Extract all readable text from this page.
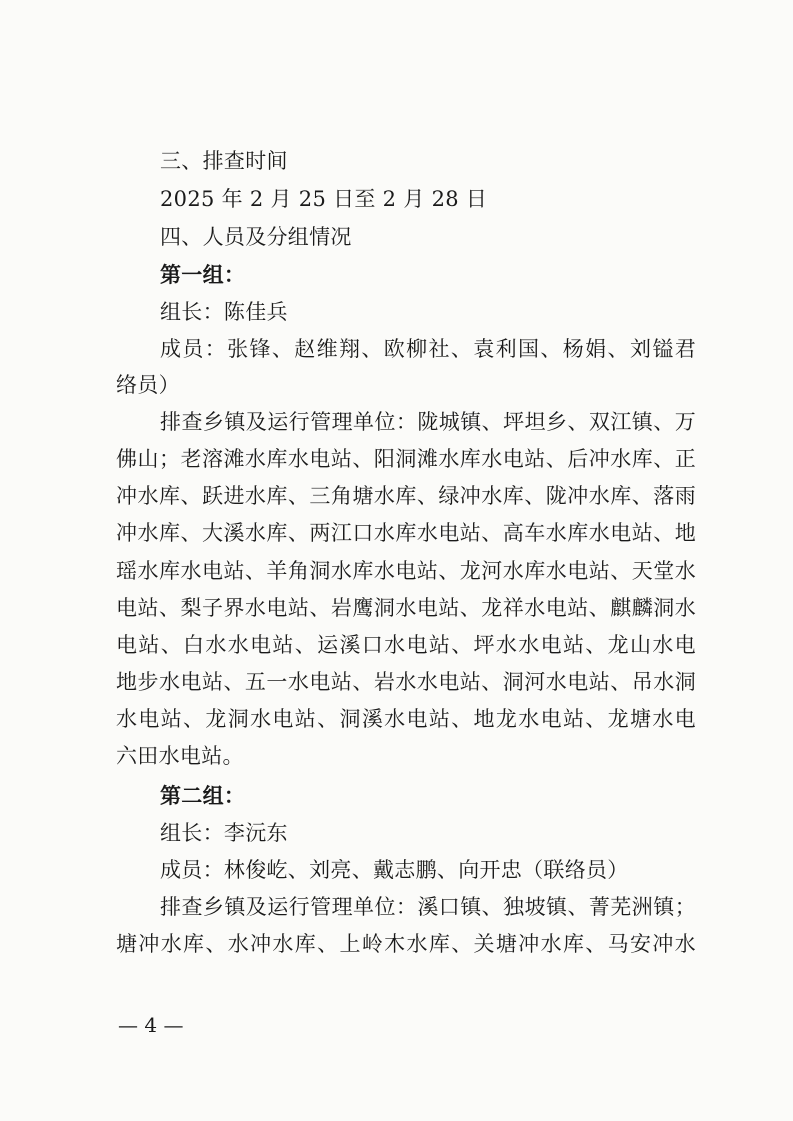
三、排查时间
2025 年 2 月 25 日至 2 月 28 日
四、人员及分组情况
第一组：
组长：陈佳兵
成员：张锋、赵维翔、欧柳社、袁利国、杨娟、刘镒君
络员）
排查乡镇及运行管理单位：陇城镇、坪坦乡、双江镇、万
佛山；老溶滩水库水电站、阳洞滩水库水电站、后冲水库、正
冲水库、跃进水库、三角塘水库、绿冲水库、陇冲水库、落雨
冲水库、大溪水库、两江口水库水电站、高车水库水电站、地
瑶水库水电站、羊角洞水库水电站、龙河水库水电站、天堂水
电站、梨子界水电站、岩鹰洞水电站、龙祥水电站、麒麟洞水
电站、白水水电站、运溪口水电站、坪水水电站、龙山水电
地步水电站、五一水电站、岩水水电站、洞河水电站、吊水洞
水电站、龙洞水电站、洞溪水电站、地龙水电站、龙塘水电
六田水电站。
第二组：
组长：李沅东
成员：林俊屹、刘亮、戴志鹏、向开忠（联络员）
排查乡镇及运行管理单位：溪口镇、独坡镇、菁芜洲镇；
塘冲水库、水冲水库、上岭木水库、关塘冲水库、马安冲水
— 4 —
